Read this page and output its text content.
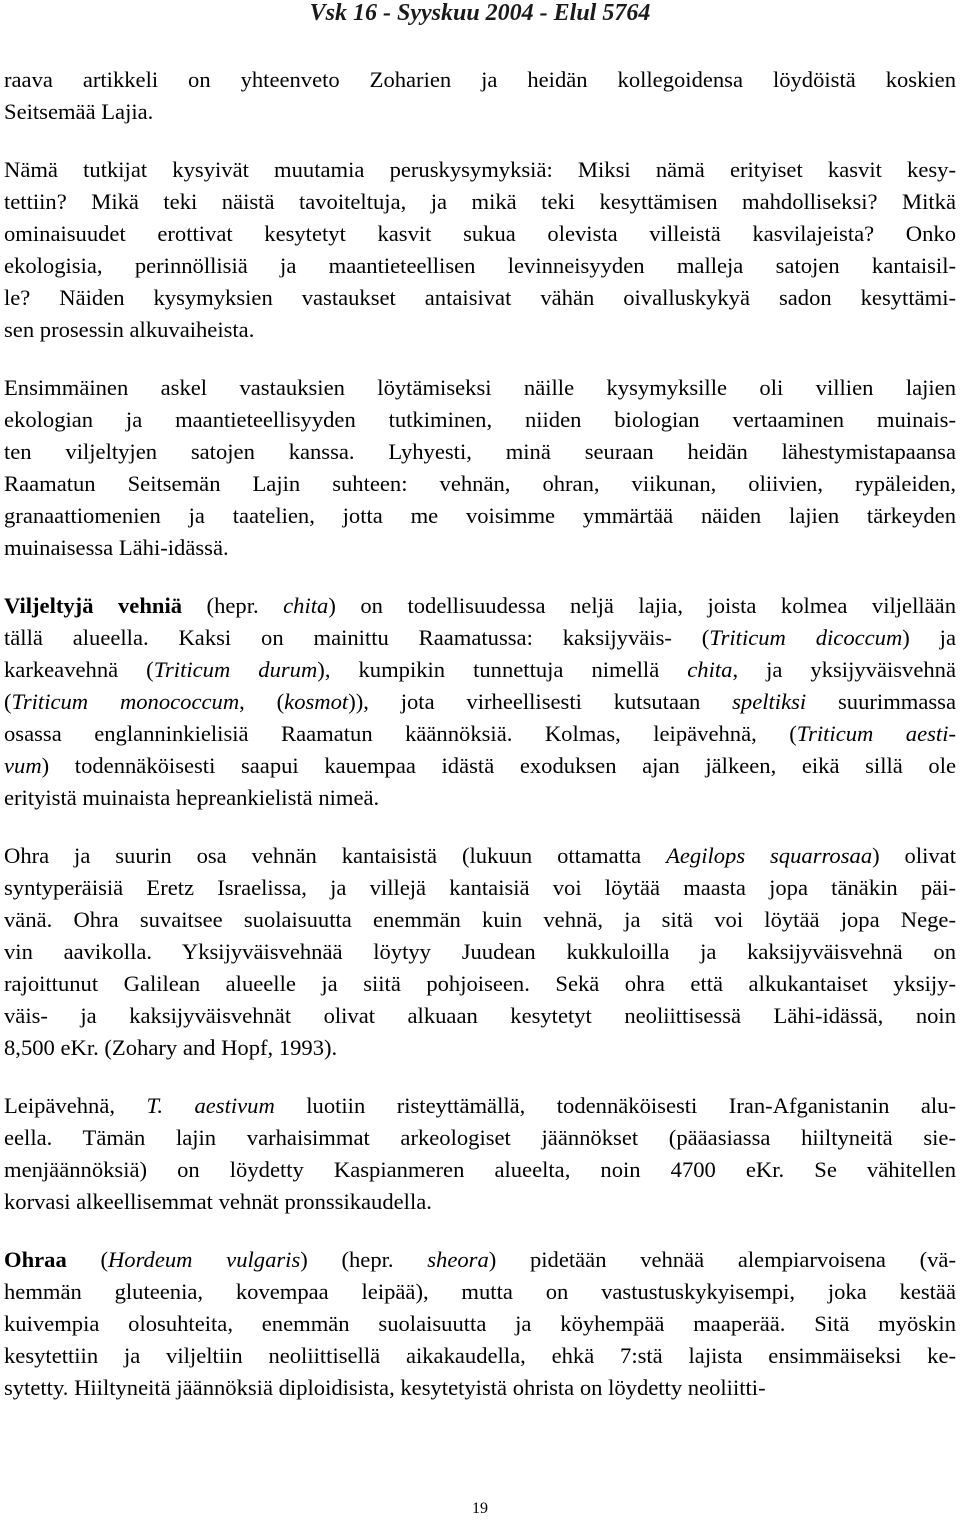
Vsk 16 - Syyskuu 2004 - Elul 5764
raava artikkeli on yhteenveto Zoharien ja heidän kollegoidensa löydöistä koskien
Seitsemää Lajia.
Nämä tutkijat kysyivät muutamia peruskysymyksiä: Miksi nämä erityiset kasvit kesy-
tettiin? Mikä teki näistä tavoiteltuja, ja mikä teki kesyttämisen mahdolliseksi? Mitkä
ominaisuudet erottivat kesytetyt kasvit sukua olevista villeistä kasvilajeista? Onko
ekologisia, perinnöllisiä ja maantieteellisen levinneisyyden malleja satojen kantaisil-
le? Näiden kysymyksien vastaukset antaisivat vähän oivalluskykyä sadon kesyttämi-
sen prosessin alkuvaiheista.
Ensimmäinen askel vastauksien löytämiseksi näille kysymyksille oli villien lajien
ekologian ja maantieteellisyyden tutkiminen, niiden biologian vertaaminen muinais-
ten viljeltyjen satojen kanssa. Lyhyesti, minä seuraan heidän lähestymistapaansa
Raamatun Seitsemän Lajin suhteen: vehnän, ohran, viikunan, oliivien, rypäleiden,
granaattiomenien ja taatelien, jotta me voisimme ymmärtää näiden lajien tärkeyden
muinaisessa Lähi-idässä.
Viljeltyjä vehniä (hepr. chita) on todellisuudessa neljä lajia, joista kolmea viljellään
tällä alueella. Kaksi on mainittu Raamatussa: kaksijyväis- (Triticum dicoccum) ja
karkeavehnä (Triticum durum), kumpikin tunnettuja nimellä chita, ja yksijyväisvehnä
(Triticum monococcum, (kosmot)), jota virheellisesti kutsutaan speltiksi suurimmassa
osassa englanninkielisiä Raamatun käännöksiä. Kolmas, leipävehnä, (Triticum aesti-
vum) todennäköisesti saapui kauempaa idästä exoduksen ajan jälkeen, eikä sillä ole
erityistä muinaista hepreankielistä nimeä.
Ohra ja suurin osa vehnän kantaisistä (lukuun ottamatta Aegilops squarrosaa) olivat
syntyperäisiä Eretz Israelissa, ja villejä kantaisiä voi löytää maasta jopa tänäkin päi-
vänä. Ohra suvaitsee suolaisuutta enemmän kuin vehnä, ja sitä voi löytää jopa Nege-
vin aavikolla. Yksijyväisvehnää löytyy Juudean kukkuloilla ja kaksijyväisvehnä on
rajoittunut Galilean alueelle ja siitä pohjoiseen. Sekä ohra että alkukantaiset yksijy-
väis- ja kaksijyväisvehnät olivat alkuaan kesytetyt neoliittisessä Lähi-idässä, noin
8,500 eKr. (Zohary and Hopf, 1993).
Leipävehnä, T. aestivum luotiin risteyttämällä, todennäköisesti Iran-Afganistanin alu-
eella. Tämän lajin varhaisimmat arkeologiset jäännökset (pääasiassa hiiltyneitä sie-
menjäännöksiä) on löydetty Kaspianmeren alueelta, noin 4700 eKr. Se vähitellen
korvasi alkeellisemmat vehnät pronssikaudella.
Ohraa (Hordeum vulgaris) (hepr. sheora) pidetään vehnää alempiarvoisena (vä-
hemmän gluteenia, kovempaa leipää), mutta on vastustuskykyisempi, joka kestää
kuivempia olosuhteita, enemmän suolaisuutta ja köyhempää maaperää. Sitä myöskin
kesytettiin ja viljeltiin neoliittisellä aikakaudella, ehkä 7:stä lajista ensimmäiseksi ke-
sytetty. Hiiltyneitä jäännöksiä diploidisista, kesytetyistä ohrista on löydetty neoliitti-
19
